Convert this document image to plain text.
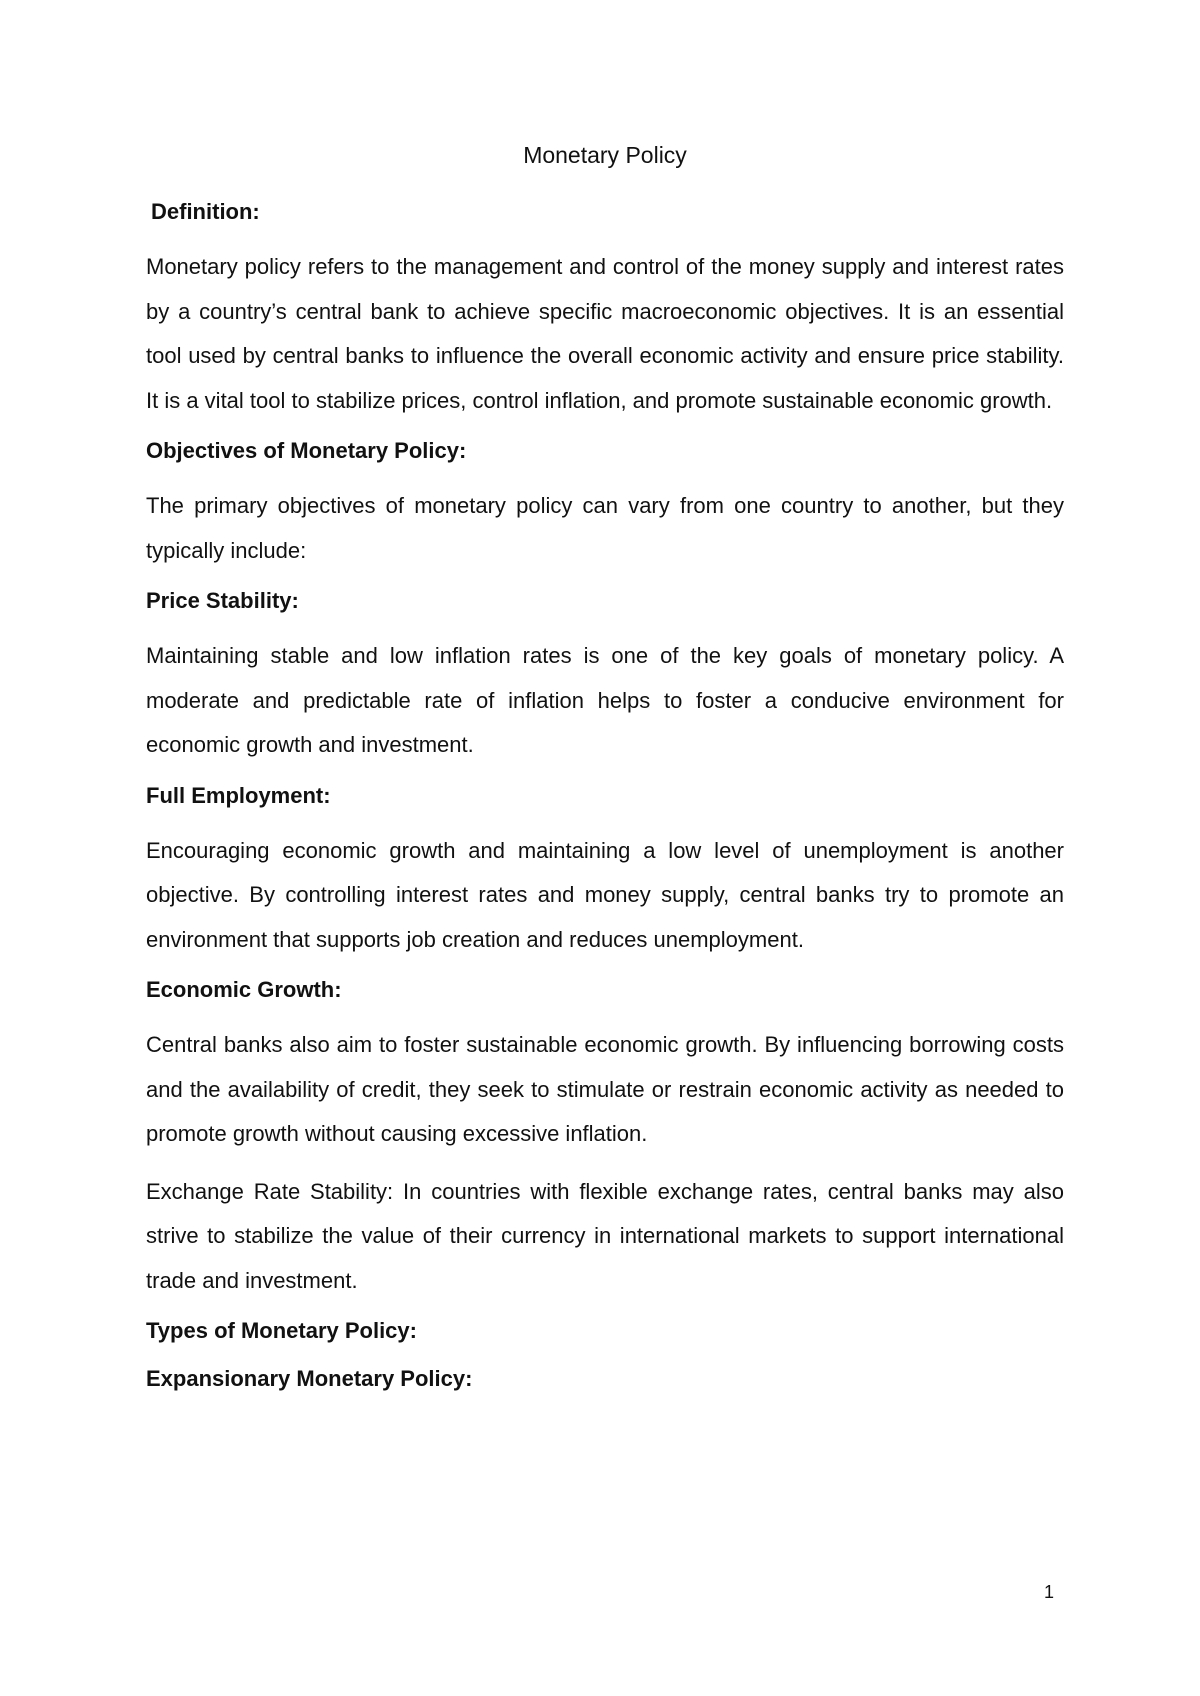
Monetary Policy
Definition:

Monetary policy refers to the management and control of the money supply and interest rates by a country’s central bank to achieve specific macroeconomic objectives. It is an essential tool used by central banks to influence the overall economic activity and ensure price stability. It is a vital tool to stabilize prices, control inflation, and promote sustainable economic growth.

Objectives of Monetary Policy:

The primary objectives of monetary policy can vary from one country to another, but they typically include:

Price Stability:

Maintaining stable and low inflation rates is one of the key goals of monetary policy. A moderate and predictable rate of inflation helps to foster a conducive environment for economic growth and investment.

Full Employment:

Encouraging economic growth and maintaining a low level of unemployment is another objective. By controlling interest rates and money supply, central banks try to promote an environment that supports job creation and reduces unemployment.

Economic Growth:

Central banks also aim to foster sustainable economic growth. By influencing borrowing costs and the availability of credit, they seek to stimulate or restrain economic activity as needed to promote growth without causing excessive inflation.

Exchange Rate Stability: In countries with flexible exchange rates, central banks may also strive to stabilize the value of their currency in international markets to support international trade and investment.

Types of Monetary Policy:
Expansionary Monetary Policy:
1
